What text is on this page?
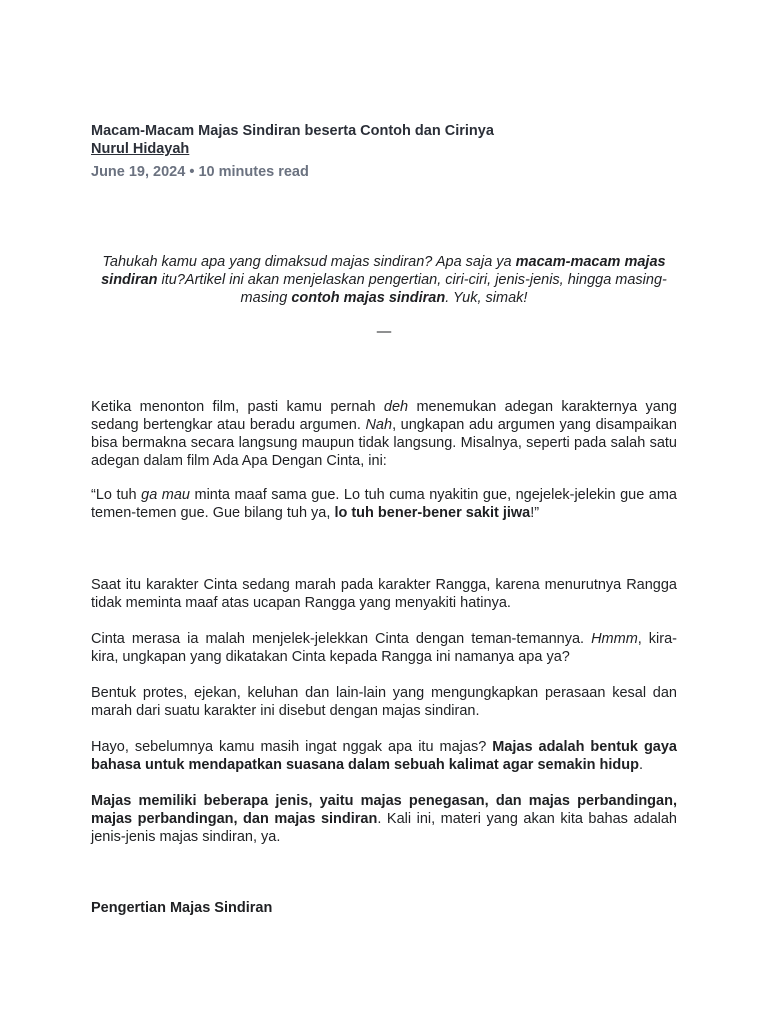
Macam-Macam Majas Sindiran beserta Contoh dan Cirinya
Nurul Hidayah
June 19, 2024 • 10 minutes read

Tahukah kamu apa yang dimaksud majas sindiran? Apa saja ya macam-macam majas sindiran itu?Artikel ini akan menjelaskan pengertian, ciri-ciri, jenis-jenis, hingga masing-masing contoh majas sindiran. Yuk, simak!

—

Ketika menonton film, pasti kamu pernah deh menemukan adegan karakternya yang sedang bertengkar atau beradu argumen. Nah, ungkapan adu argumen yang disampaikan bisa bermakna secara langsung maupun tidak langsung. Misalnya, seperti pada salah satu adegan dalam film Ada Apa Dengan Cinta, ini:

“Lo tuh ga mau minta maaf sama gue. Lo tuh cuma nyakitin gue, ngejelek-jelekin gue ama temen-temen gue. Gue bilang tuh ya, lo tuh bener-bener sakit jiwa!”

Saat itu karakter Cinta sedang marah pada karakter Rangga, karena menurutnya Rangga tidak meminta maaf atas ucapan Rangga yang menyakiti hatinya.

Cinta merasa ia malah menjelek-jelekkan Cinta dengan teman-temannya. Hmmm, kira-kira, ungkapan yang dikatakan Cinta kepada Rangga ini namanya apa ya?

Bentuk protes, ejekan, keluhan dan lain-lain yang mengungkapkan perasaan kesal dan marah dari suatu karakter ini disebut dengan majas sindiran.

Hayo, sebelumnya kamu masih ingat nggak apa itu majas? Majas adalah bentuk gaya bahasa untuk mendapatkan suasana dalam sebuah kalimat agar semakin hidup.

Majas memiliki beberapa jenis, yaitu majas penegasan, dan majas perbandingan, majas perbandingan, dan majas sindiran. Kali ini, materi yang akan kita bahas adalah jenis-jenis majas sindiran, ya.

Pengertian Majas Sindiran
